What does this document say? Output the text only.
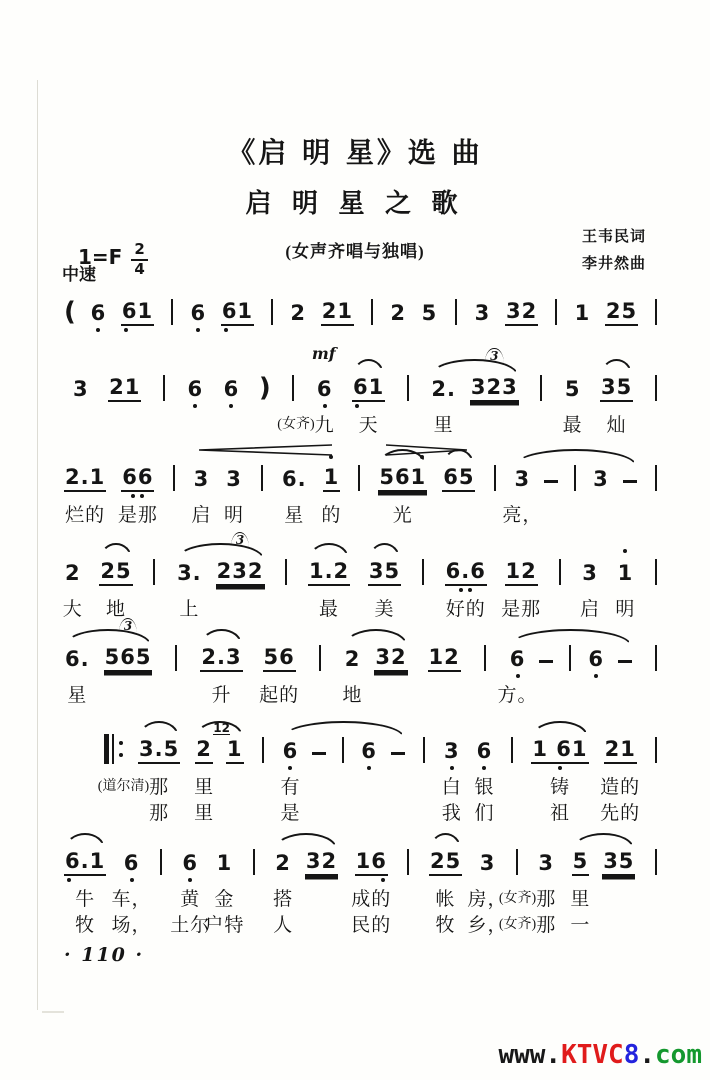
《启 明 星》选 曲
启 明 星 之 歌
$1=F \frac{2}{4}$	(女声齐唱与独唱)
王韦民词
李井然曲
中速
( 6 61 6 61 2 21 2 5 3 32 1 25
3
21

6
6
)

6
mf
(女齐) 九
61
天

2.
里
323
3

5
最
35
灿

2.1
烂的
66
是那

3
启
3
明

6.
星
1
的

561
光
65

3
亮，

3

2
大
25
地

3.
上
232
3

1.2
最
35
美

6.6
好的
12
是那

3
启
1
明

6.
星
565
3

2.3
升
56
起的

2
地
32
12

6
方。

6

3.5
(道尔清) 那
那
2
12
里
里
1

6
有
是

6

	3
白
我
6
银
们

1 61
铸
祖
21
造的
先的

6.1
牛
牧
6
车，
场，

6
黄
土尔
1
金
户特

2
搭
人
32

16
成的
民的

25
帐
牧
3
房，
乡，

3
(女齐) 那
(女齐) 那
5
里
一
35

· 110 ·
www.KTVC8.com
